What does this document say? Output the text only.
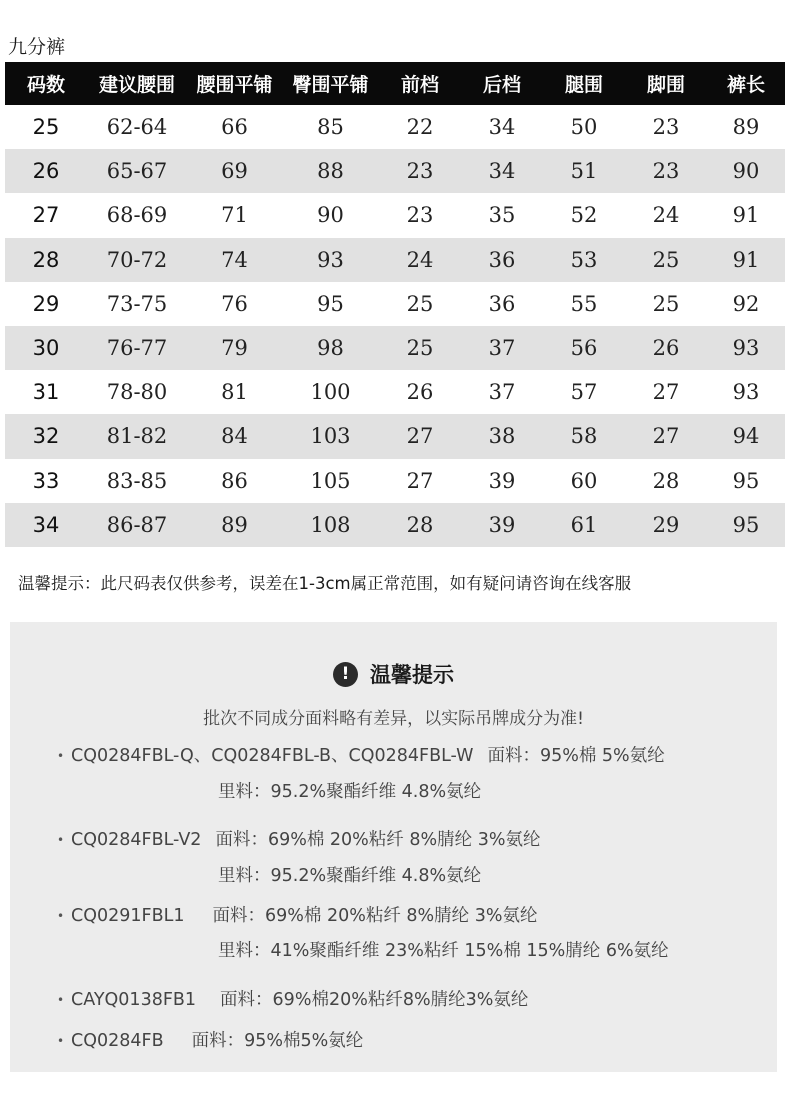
九分裤
码数	建议腰围	腰围平铺	臀围平铺	前档	后档	腿围	脚围	裤长
25	62-64	66	85	22	34	50	23	89
26	65-67	69	88	23	34	51	23	90
27	68-69	71	90	23	35	52	24	91
28	70-72	74	93	24	36	53	25	91
29	73-75	76	95	25	36	55	25	92
30	76-77	79	98	25	37	56	26	93
31	78-80	81	100	26	37	57	27	93
32	81-82	84	103	27	38	58	27	94
33	83-85	86	105	27	39	60	28	95
34	86-87	89	108	28	39	61	29	95
温馨提示：此尺码表仅供参考，误差在1-3cm属正常范围，如有疑问请咨询在线客服
! 温馨提示
批次不同成分面料略有差异，以实际吊牌成分为准!
• CQ0284FBL-Q、CQ0284FBL-B、CQ0284FBL-W 面料：95%棉 5%氨纶
里料：95.2%聚酯纤维 4.8%氨纶
• CQ0284FBL-V2 面料：69%棉 20%粘纤 8%腈纶 3%氨纶
里料：95.2%聚酯纤维 4.8%氨纶
• CQ0291FBL1 面料：69%棉 20%粘纤 8%腈纶 3%氨纶
里料：41%聚酯纤维 23%粘纤 15%棉 15%腈纶 6%氨纶
• CAYQ0138FB1 面料：69%棉20%粘纤8%腈纶3%氨纶
• CQ0284FB 面料：95%棉5%氨纶
